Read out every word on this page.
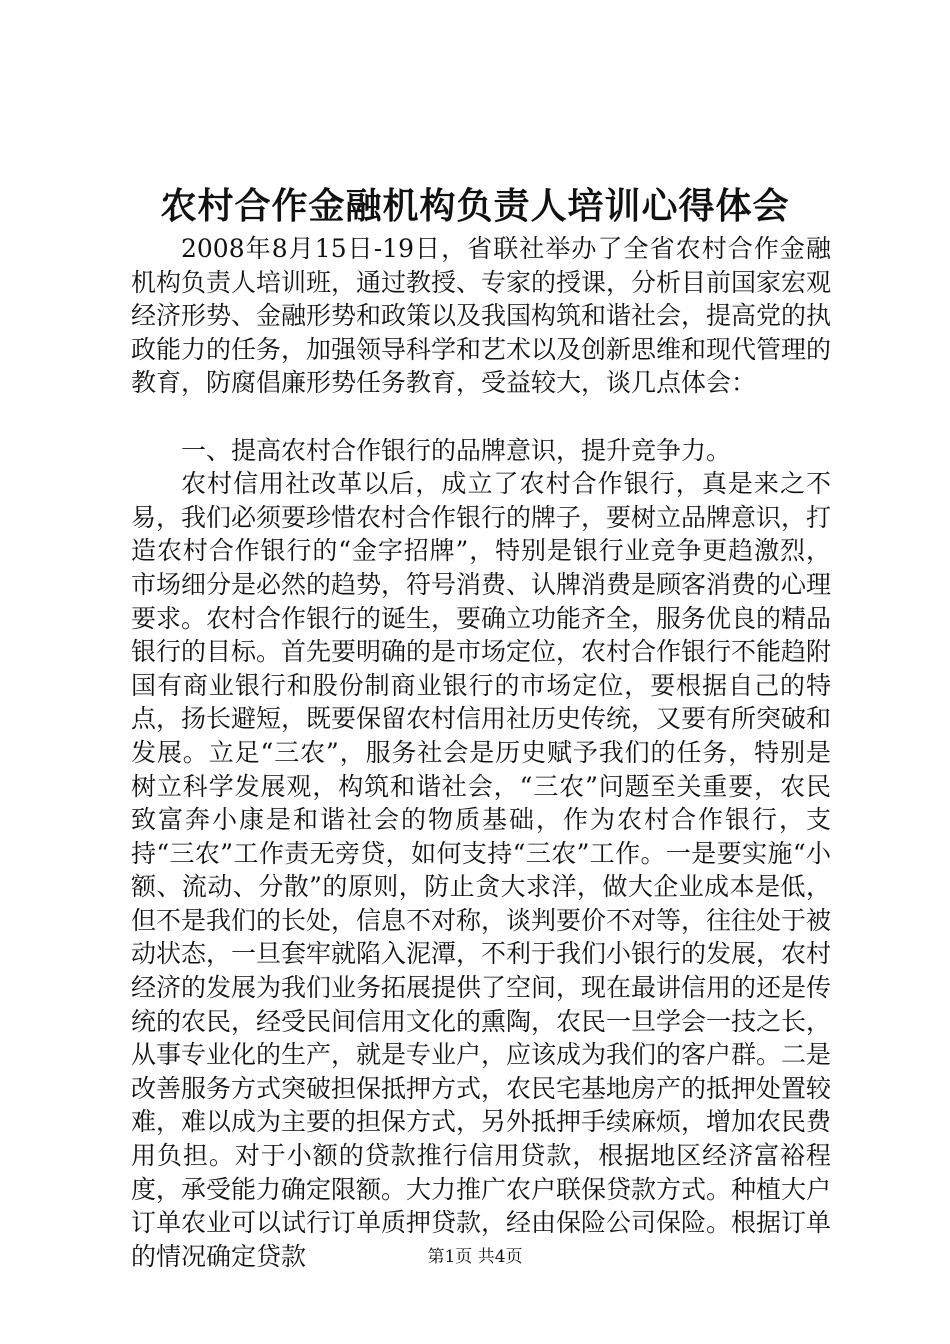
农村合作金融机构负责人培训心得体会

2008年8月15日-19日，省联社举办了全省农村合作金融机构负责人培训班，通过教授、专家的授课，分析目前国家宏观经济形势、金融形势和政策以及我国构筑和谐社会，提高党的执政能力的任务，加强领导科学和艺术以及创新思维和现代管理的教育，防腐倡廉形势任务教育，受益较大，谈几点体会：

一、提高农村合作银行的品牌意识，提升竞争力。

农村信用社改革以后，成立了农村合作银行，真是来之不易，我们必须要珍惜农村合作银行的牌子，要树立品牌意识，打造农村合作银行的“金字招牌”，特别是银行业竞争更趋激烈，市场细分是必然的趋势，符号消费、认牌消费是顾客消费的心理要求。农村合作银行的诞生，要确立功能齐全，服务优良的精品银行的目标。首先要明确的是市场定位，农村合作银行不能趋附国有商业银行和股份制商业银行的市场定位，要根据自己的特点，扬长避短，既要保留农村信用社历史传统，又要有所突破和发展。立足“三农”，服务社会是历史赋予我们的任务，特别是树立科学发展观，构筑和谐社会，“三农”问题至关重要，农民致富奔小康是和谐社会的物质基础，作为农村合作银行，支持“三农”工作责无旁贷，如何支持“三农”工作。一是要实施“小额、流动、分散”的原则，防止贪大求洋，做大企业成本是低，但不是我们的长处，信息不对称，谈判要价不对等，往往处于被动状态，一旦套牢就陷入泥潭，不利于我们小银行的发展，农村经济的发展为我们业务拓展提供了空间，现在最讲信用的还是传统的农民，经受民间信用文化的熏陶，农民一旦学会一技之长，从事专业化的生产，就是专业户，应该成为我们的客户群。二是改善服务方式突破担保抵押方式，农民宅基地房产的抵押处置较难，难以成为主要的担保方式，另外抵押手续麻烦，增加农民费用负担。对于小额的贷款推行信用贷款，根据地区经济富裕程度，承受能力确定限额。大力推广农户联保贷款方式。种植大户订单农业可以试行订单质押贷款，经由保险公司保险。根据订单的情况确定贷款	第1页 共4页
